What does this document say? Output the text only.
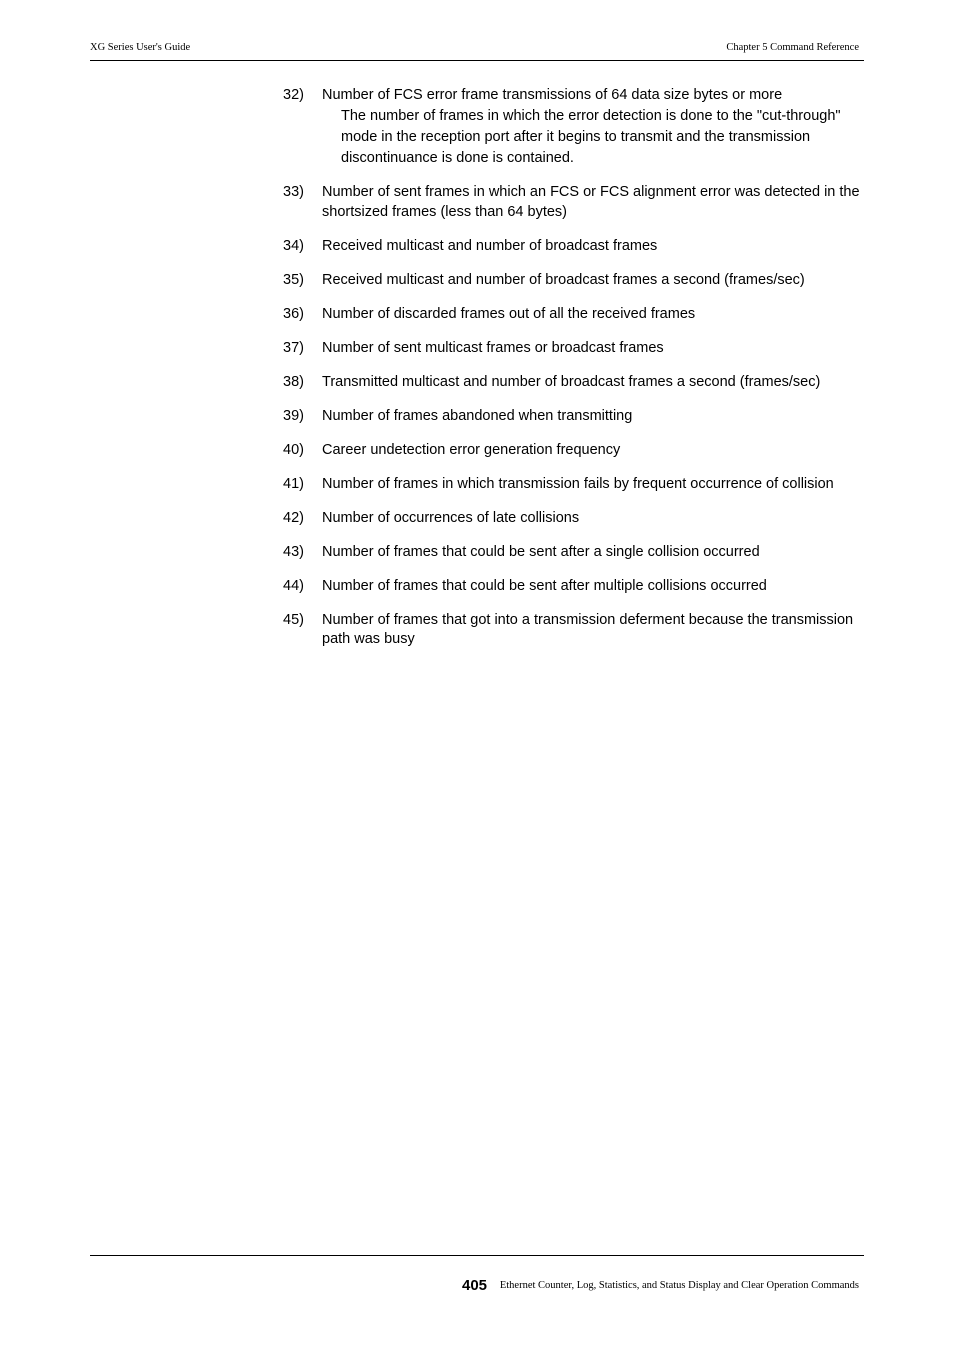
XG Series User's Guide	Chapter 5 Command Reference
32) Number of FCS error frame transmissions of 64 data size bytes or more
The number of frames in which the error detection is done to the "cut-through" mode in the reception port after it begins to transmit and the transmission discontinuance is done is contained.
33) Number of sent frames in which an FCS or FCS alignment error was detected in the shortsized frames (less than 64 bytes)
34) Received multicast and number of broadcast frames
35) Received multicast and number of broadcast frames a second (frames/sec)
36) Number of discarded frames out of all the received frames
37) Number of sent multicast frames or broadcast frames
38) Transmitted multicast and number of broadcast frames a second (frames/sec)
39) Number of frames abandoned when transmitting
40) Career undetection error generation frequency
41) Number of frames in which transmission fails by frequent occurrence of collision
42) Number of occurrences of late collisions
43) Number of frames that could be sent after a single collision occurred
44) Number of frames that could be sent after multiple collisions occurred
45) Number of frames that got into a transmission deferment because the transmission path was busy
405 Ethernet Counter, Log, Statistics, and Status Display and Clear Operation Commands
